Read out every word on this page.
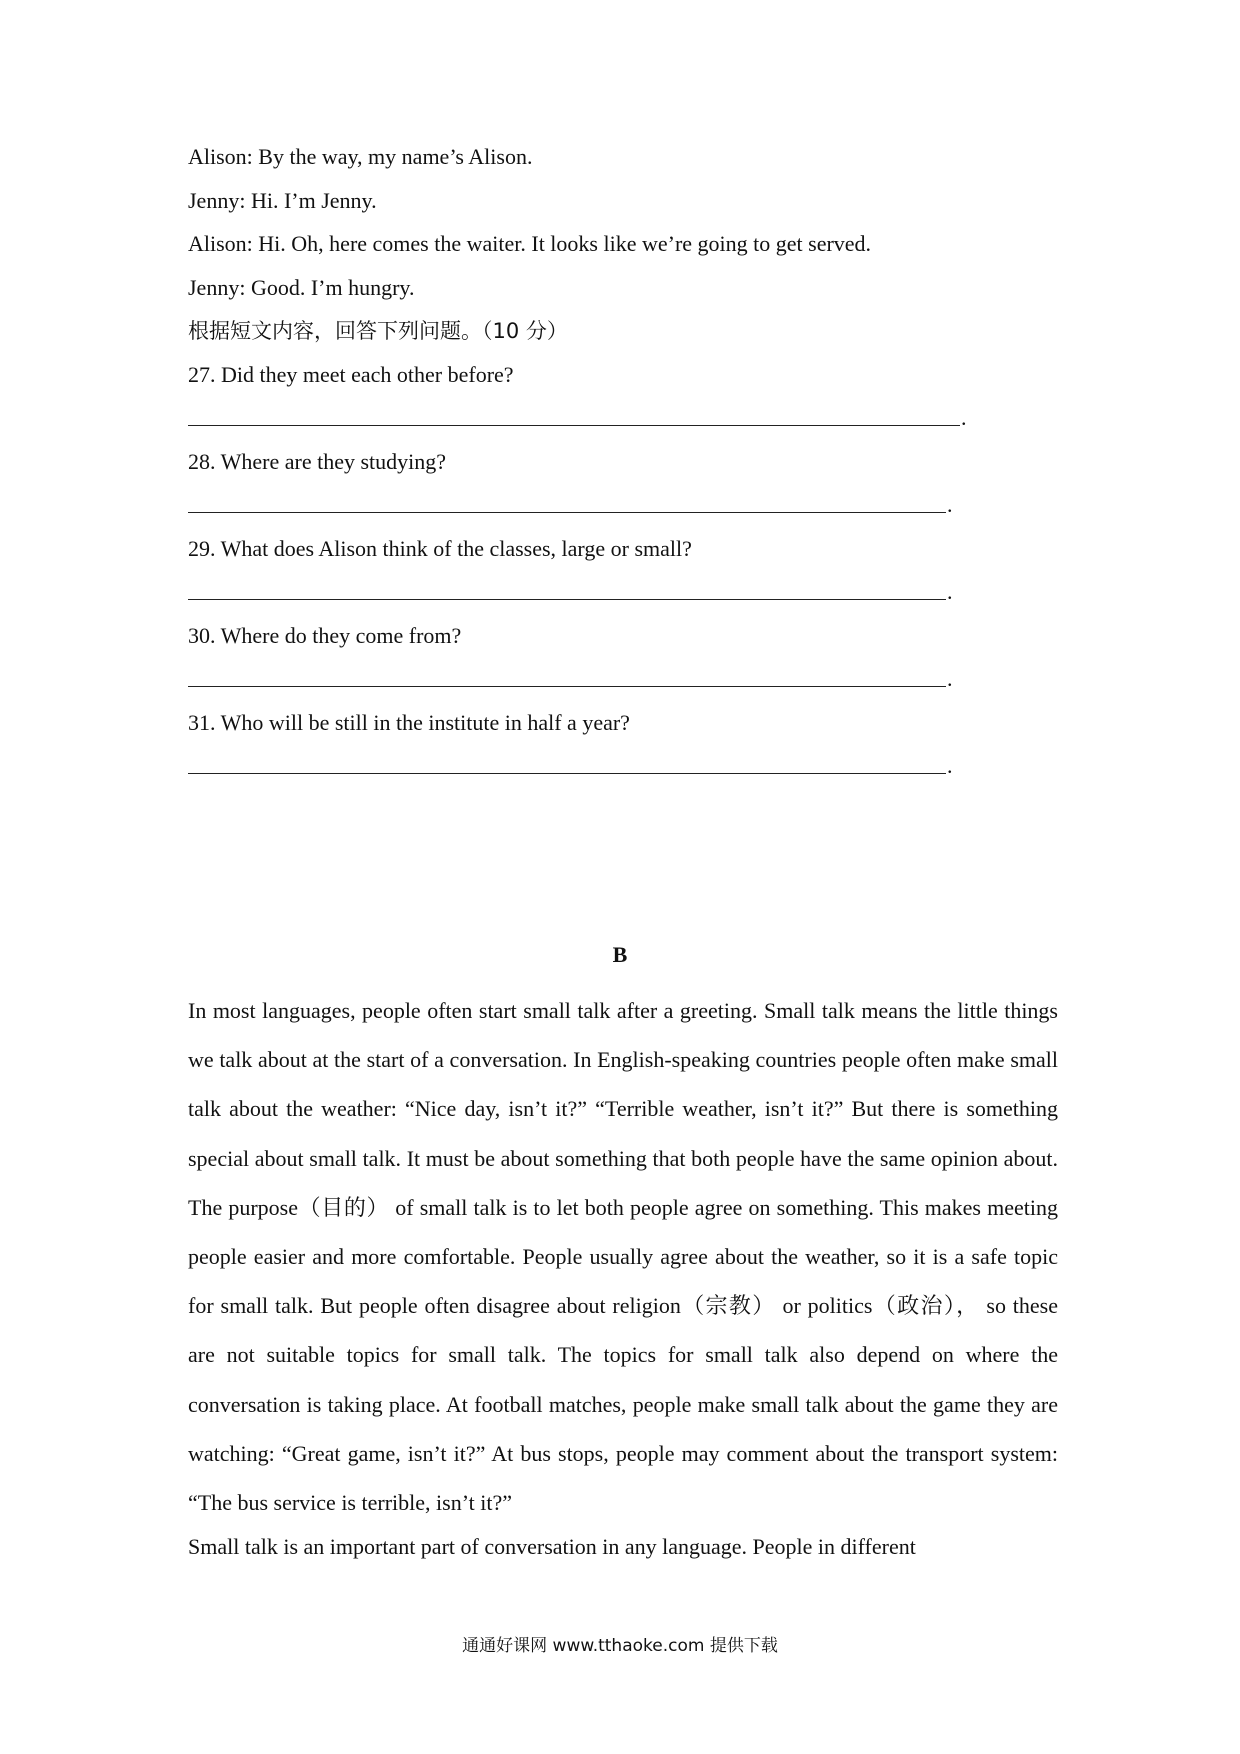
Alison: By the way, my name’s Alison.
Jenny: Hi. I’m Jenny.
Alison: Hi. Oh, here comes the waiter. It looks like we’re going to get served.
Jenny: Good. I’m hungry.
根据短文内容，回答下列问题。（10 分）
27. Did they meet each other before?
.
28. Where are they studying?
.
29. What does Alison think of the classes, large or small?
.
30. Where do they come from?
.
31. Who will be still in the institute in half a year?
.
B

In most languages, people often start small talk after a greeting. Small talk means the little things we talk about at the start of a conversation. In English-speaking countries people often make small talk about the weather: “Nice day, isn’t it?” “Terrible weather, isn’t it?” But there is something special about small talk. It must be about something that both people have the same opinion about. The purpose（目的） of small talk is to let both people agree on something. This makes meeting people easier and more comfortable. People usually agree about the weather, so it is a safe topic for small talk. But people often disagree about religion（宗教） or politics（政治）， so these are not suitable topics for small talk. The topics for small talk also depend on where the conversation is taking place. At football matches, people make small talk about the game they are watching: “Great game, isn’t it?” At bus stops, people may comment about the transport system: “The bus service is terrible, isn’t it?”

Small talk is an important part of conversation in any language. People in different

通通好课网 www.tthaoke.com 提供下载
